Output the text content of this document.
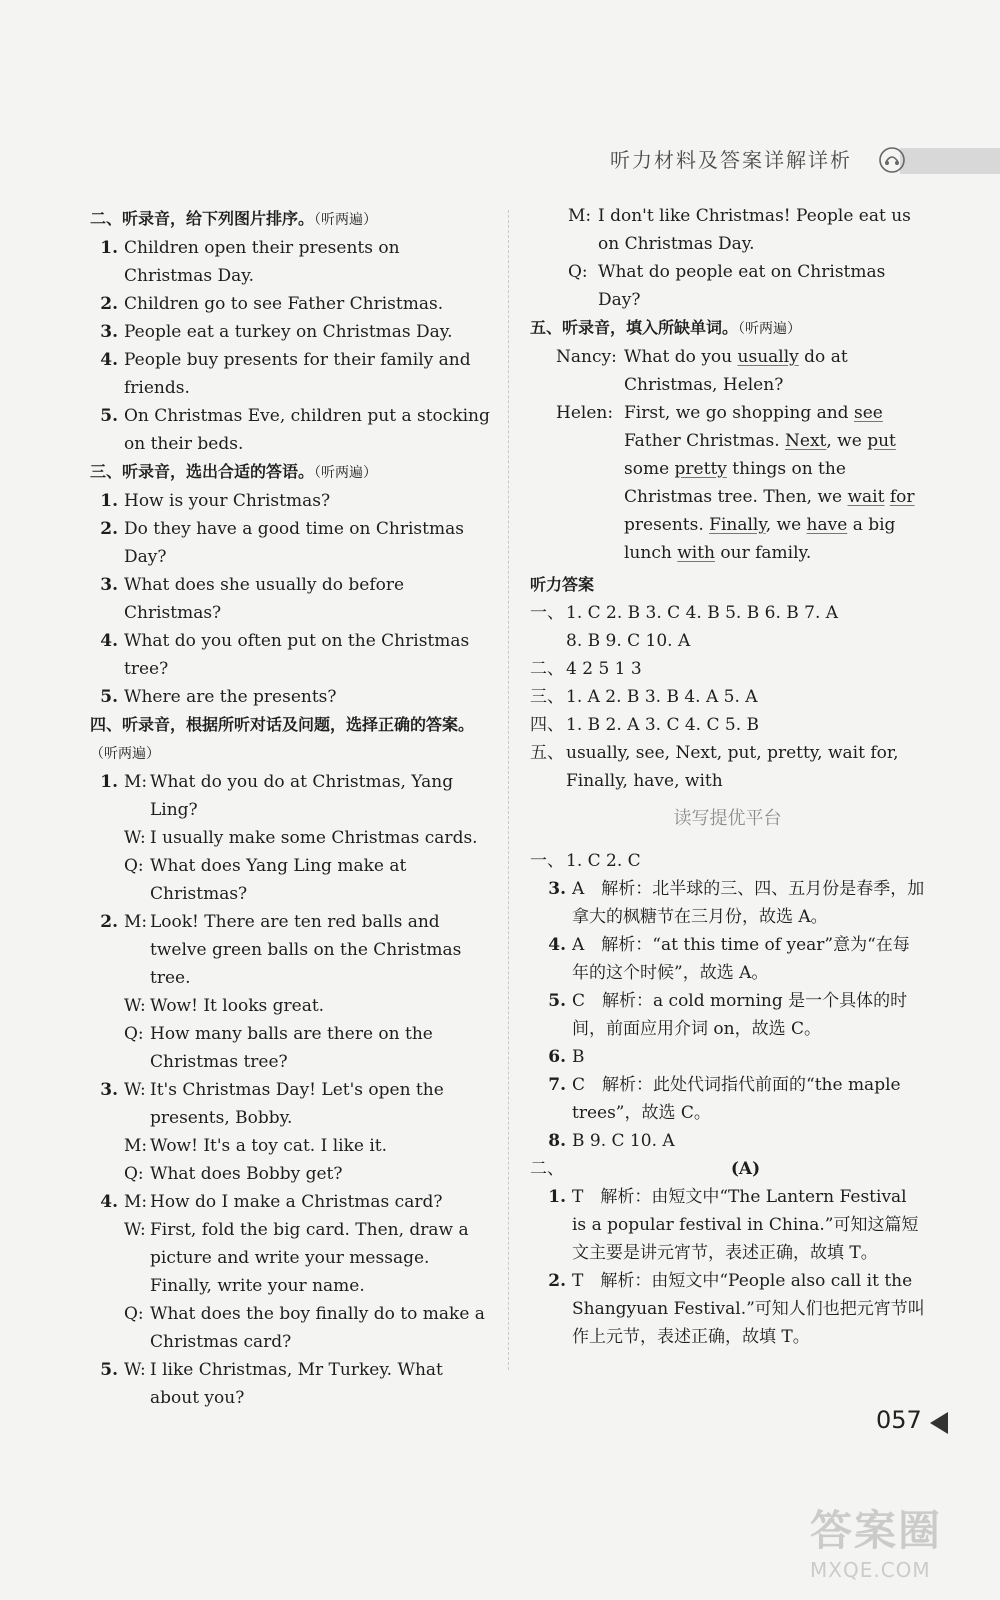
听力材料及答案详解详析
二、听录音，给下列图片排序。（听两遍）
1. Children open their presents on Christmas Day.
2. Children go to see Father Christmas.
3. People eat a turkey on Christmas Day.
4. People buy presents for their family and friends.
5. On Christmas Eve, children put a stocking on their beds.
三、听录音，选出合适的答语。（听两遍）
1. How is your Christmas?
2. Do they have a good time on Christmas Day?
3. What does she usually do before Christmas?
4. What do you often put on the Christmas tree?
5. Where are the presents?
四、听录音，根据所听对话及问题，选择正确的答案。（听两遍）
1. M: What do you do at Christmas, Yang Ling?
W: I usually make some Christmas cards.
Q: What does Yang Ling make at Christmas?
2. M: Look! There are ten red balls and twelve green balls on the Christmas tree.
W: Wow! It looks great.
Q: How many balls are there on the Christmas tree?
3. W: It's Christmas Day! Let's open the presents, Bobby.
M: Wow! It's a toy cat. I like it.
Q: What does Bobby get?
4. M: How do I make a Christmas card?
W: First, fold the big card. Then, draw a picture and write your message. Finally, write your name.
Q: What does the boy finally do to make a Christmas card?
5. W: I like Christmas, Mr Turkey. What about you?
M: I don't like Christmas! People eat us on Christmas Day.
Q: What do people eat on Christmas Day?
五、听录音，填入所缺单词。（听两遍）
Nancy: What do you usually do at Christmas, Helen?
Helen: First, we go shopping and see Father Christmas. Next, we put some pretty things on the Christmas tree. Then, we wait for presents. Finally, we have a big lunch with our family.
听力答案
一、 1. C 2. B 3. C 4. B 5. B 6. B 7. A
8. B 9. C 10. A
二、 4 2 5 1 3
三、 1. A 2. B 3. B 4. A 5. A
四、 1. B 2. A 3. C 4. C 5. B
五、 usually, see, Next, put, pretty, wait for, Finally, have, with
读写提优平台
一、 1. C 2. C
3. A　解析：北半球的三、四、五月份是春季，加拿大的枫糖节在三月份，故选 A。
4. A　解析：“at this time of year”意为“在每年的这个时候”，故选 A。
5. C　解析：a cold morning 是一个具体的时间，前面应用介词 on，故选 C。
6. B
7. C　解析：此处代词指代前面的“the maple trees”，故选 C。
8. B 9. C 10. A
二、	(A)
1. T　解析：由短文中“The Lantern Festival is a popular festival in China.”可知这篇短文主要是讲元宵节，表述正确，故填 T。
2. T　解析：由短文中“People also call it the Shangyuan Festival.”可知人们也把元宵节叫作上元节，表述正确，故填 T。
057
答案圈
MXQE.COM
